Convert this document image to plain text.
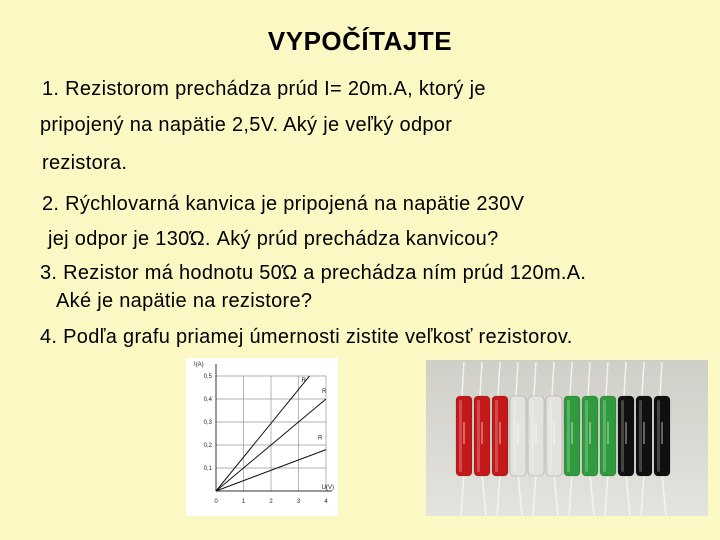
VYPOČÍTAJTE
1. Rezistorom prechádza prúd I= 20m.A, ktorý je
pripojený na napätie 2,5V. Aký je veľký odpor
rezistora.
2. Rýchlovarná kanvica je pripojená na napätie 230V
jej odpor je 130Ώ. Aký prúd prechádza kanvicou?
3. Rezistor má hodnotu 50Ώ a prechádza ním prúd 120m.A.
Aké je napätie na rezistore?
4. Podľa grafu priamej úmernosti zistite veľkosť rezistorov.
0,1
0,2
0,3
0,4
0,5
0	1	2	3	4
I(A)
U(V)
R
R
R
